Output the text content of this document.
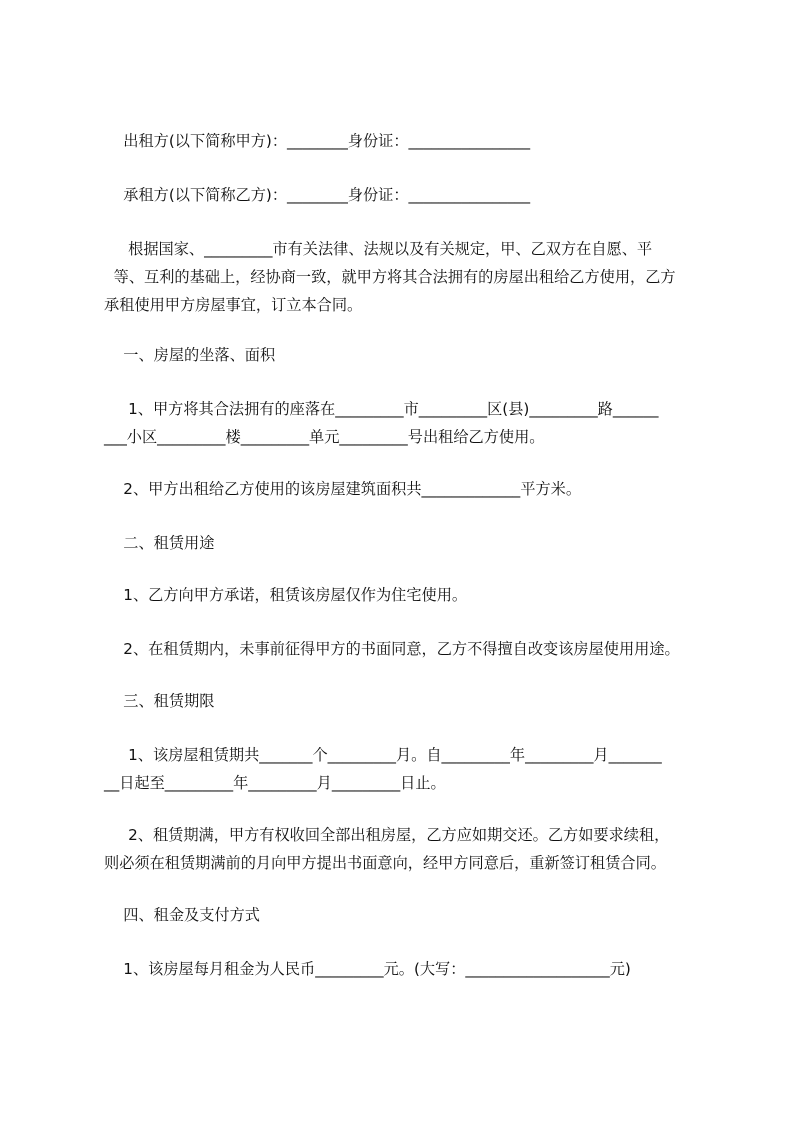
出租方(以下简称甲方)：________身份证：________________
承租方(以下简称乙方)：________身份证：________________
根据国家、_________市有关法律、法规以及有关规定，甲、乙双方在自愿、平
等、互利的基础上，经协商一致，就甲方将其合法拥有的房屋出租给乙方使用，乙方
承租使用甲方房屋事宜，订立本合同。
一、房屋的坐落、面积
1、甲方将其合法拥有的座落在_________市_________区(县)_________路______
___小区_________楼_________单元_________号出租给乙方使用。
2、甲方出租给乙方使用的该房屋建筑面积共_____________平方米。
二、租赁用途
1、乙方向甲方承诺，租赁该房屋仅作为住宅使用。
2、在租赁期内，未事前征得甲方的书面同意，乙方不得擅自改变该房屋使用用途。
三、租赁期限
1、该房屋租赁期共_______个_________月。自_________年_________月_______
__日起至_________年_________月_________日止。
2、租赁期满，甲方有权收回全部出租房屋，乙方应如期交还。乙方如要求续租，
则必须在租赁期满前的月向甲方提出书面意向，经甲方同意后，重新签订租赁合同。
四、租金及支付方式
1、该房屋每月租金为人民币_________元。(大写：___________________元)
